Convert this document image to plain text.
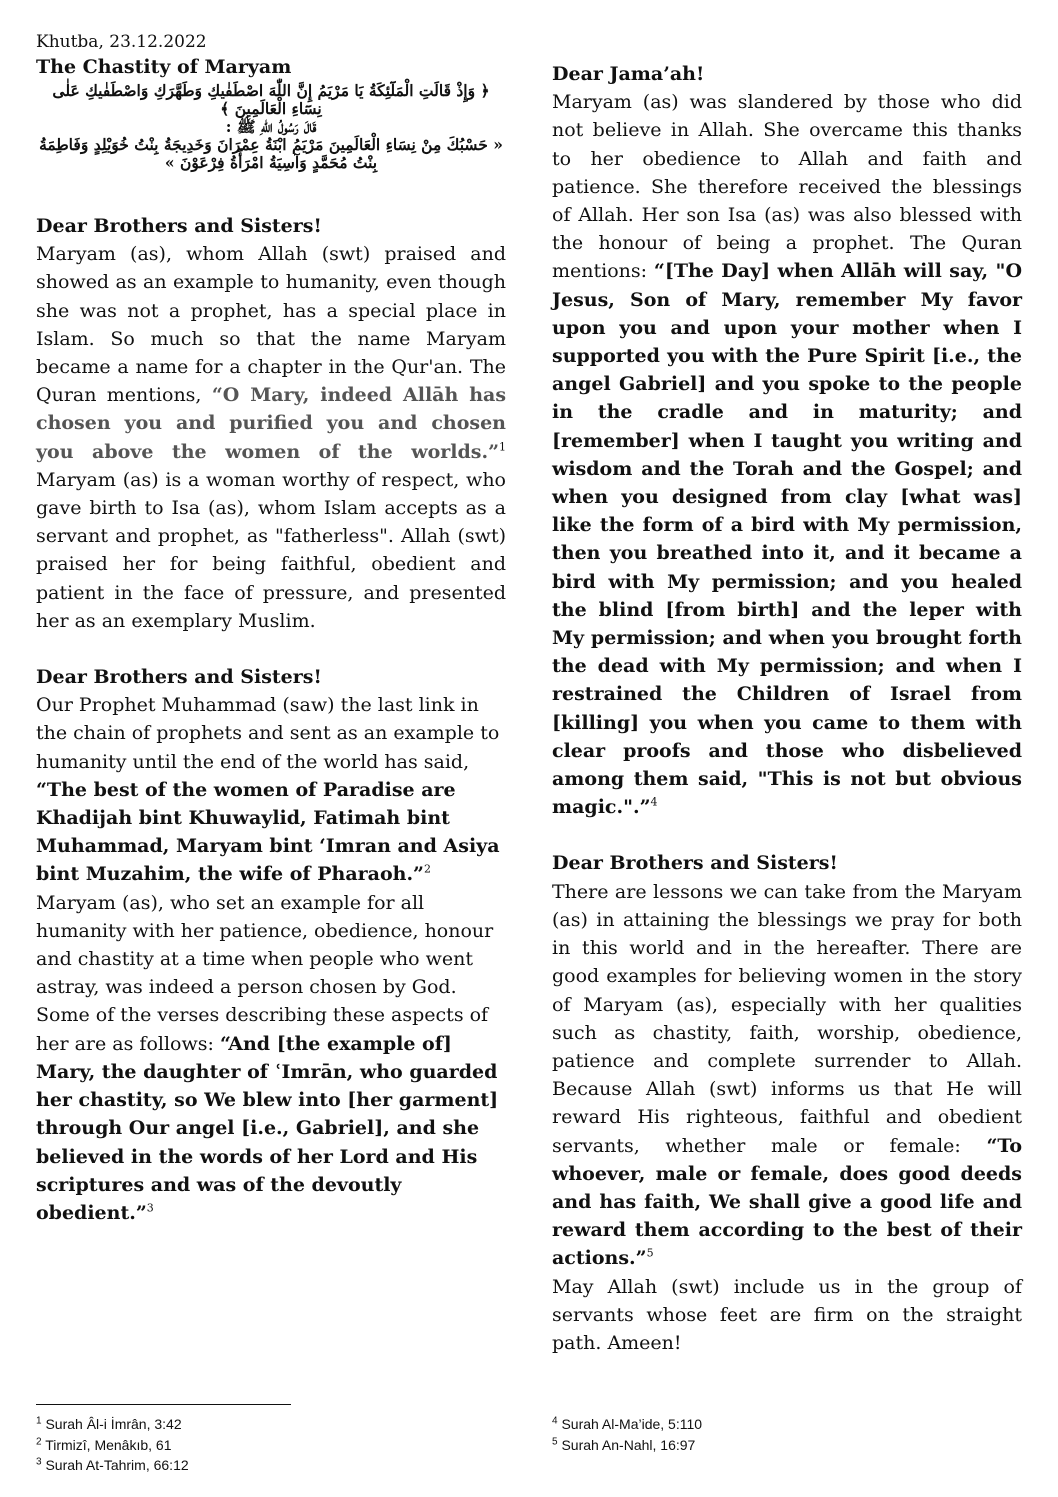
Khutba, 23.12.2022
The Chastity of Maryam
﴿ وَإِذْ قَالَتِ الْمَلَٓئِكَةُ يَا مَرْيَمُ إِنَّ اللّٰهَ اصْطَفٰيكِ وَطَهَّرَكِ وَاصْطَفٰيكِ عَلٰى نِسَٓاءِ الْعَالَمِينَ ﴾
قَالَ رَسُولُ اللّٰهِ ﷺ :
« حَسْبُكَ مِنْ نِسَاءِ الْعَالَمِينَ مَرْيَمُ ابْنَةُ عِمْرَانَ وَخَدِيجَةُ بِنْتُ خُوَيْلِدٍ وَفَاطِمَةُ بِنْتُ مُحَمَّدٍ وَآسِيَةُ امْرَأَةُ فِرْعَوْنَ »
Dear Brothers and Sisters!
Maryam (as), whom Allah (swt) praised and showed as an example to humanity, even though she was not a prophet, has a special place in Islam. So much so that the name Maryam became a name for a chapter in the Qur'an. The Quran mentions, “O Mary, indeed Allāh has chosen you and purified you and chosen you above the women of the worlds.”$^1$ Maryam (as) is a woman worthy of respect, who gave birth to Isa (as), whom Islam accepts as a servant and prophet, as "fatherless". Allah (swt) praised her for being faithful, obedient and patient in the face of pressure, and presented her as an exemplary Muslim.
Dear Brothers and Sisters!
Our Prophet Muhammad (saw) the last link in the chain of prophets and sent as an example to humanity until the end of the world has said, “The best of the women of Paradise are Khadijah bint Khuwaylid, Fatimah bint Muhammad, Maryam bint ‘Imran and Asiya bint Muzahim, the wife of Pharaoh.”$^2$ Maryam (as), who set an example for all humanity with her patience, obedience, honour and chastity at a time when people who went astray, was indeed a person chosen by God. Some of the verses describing these aspects of her are as follows: “And [the example of] Mary, the daughter of ʿImrān, who guarded her chastity, so We blew into [her garment] through Our angel [i.e., Gabriel], and she believed in the words of her Lord and His scriptures and was of the devoutly obedient.”$^3$
Dear Jama’ah!
Maryam (as) was slandered by those who did not believe in Allah. She overcame this thanks to her obedience to Allah and faith and patience. She therefore received the blessings of Allah. Her son Isa (as) was also blessed with the honour of being a prophet. The Quran mentions: “[The Day] when Allāh will say, "O Jesus, Son of Mary, remember My favor upon you and upon your mother when I supported you with the Pure Spirit [i.e., the angel Gabriel] and you spoke to the people in the cradle and in maturity; and [remember] when I taught you writing and wisdom and the Torah and the Gospel; and when you designed from clay [what was] like the form of a bird with My permission, then you breathed into it, and it became a bird with My permission; and you healed the blind [from birth] and the leper with My permission; and when you brought forth the dead with My permission; and when I restrained the Children of Israel from [killing] you when you came to them with clear proofs and those who disbelieved among them said, "This is not but obvious magic.".”$^4$
Dear Brothers and Sisters!
There are lessons we can take from the Maryam (as) in attaining the blessings we pray for both in this world and in the hereafter. There are good examples for believing women in the story of Maryam (as), especially with her qualities such as chastity, faith, worship, obedience, patience and complete surrender to Allah. Because Allah (swt) informs us that He will reward His righteous, faithful and obedient servants, whether male or female: “To whoever, male or female, does good deeds and has faith, We shall give a good life and reward them according to the best of their actions.”$^5$
May Allah (swt) include us in the group of servants whose feet are firm on the straight path. Ameen!
$^1$ Surah Âl-i İmrân, 3:42
$^2$ Tirmizî, Menâkıb, 61
$^3$ Surah At-Tahrim, 66:12
$^4$ Surah Al-Ma’ide, 5:110
$^5$ Surah An-Nahl, 16:97
